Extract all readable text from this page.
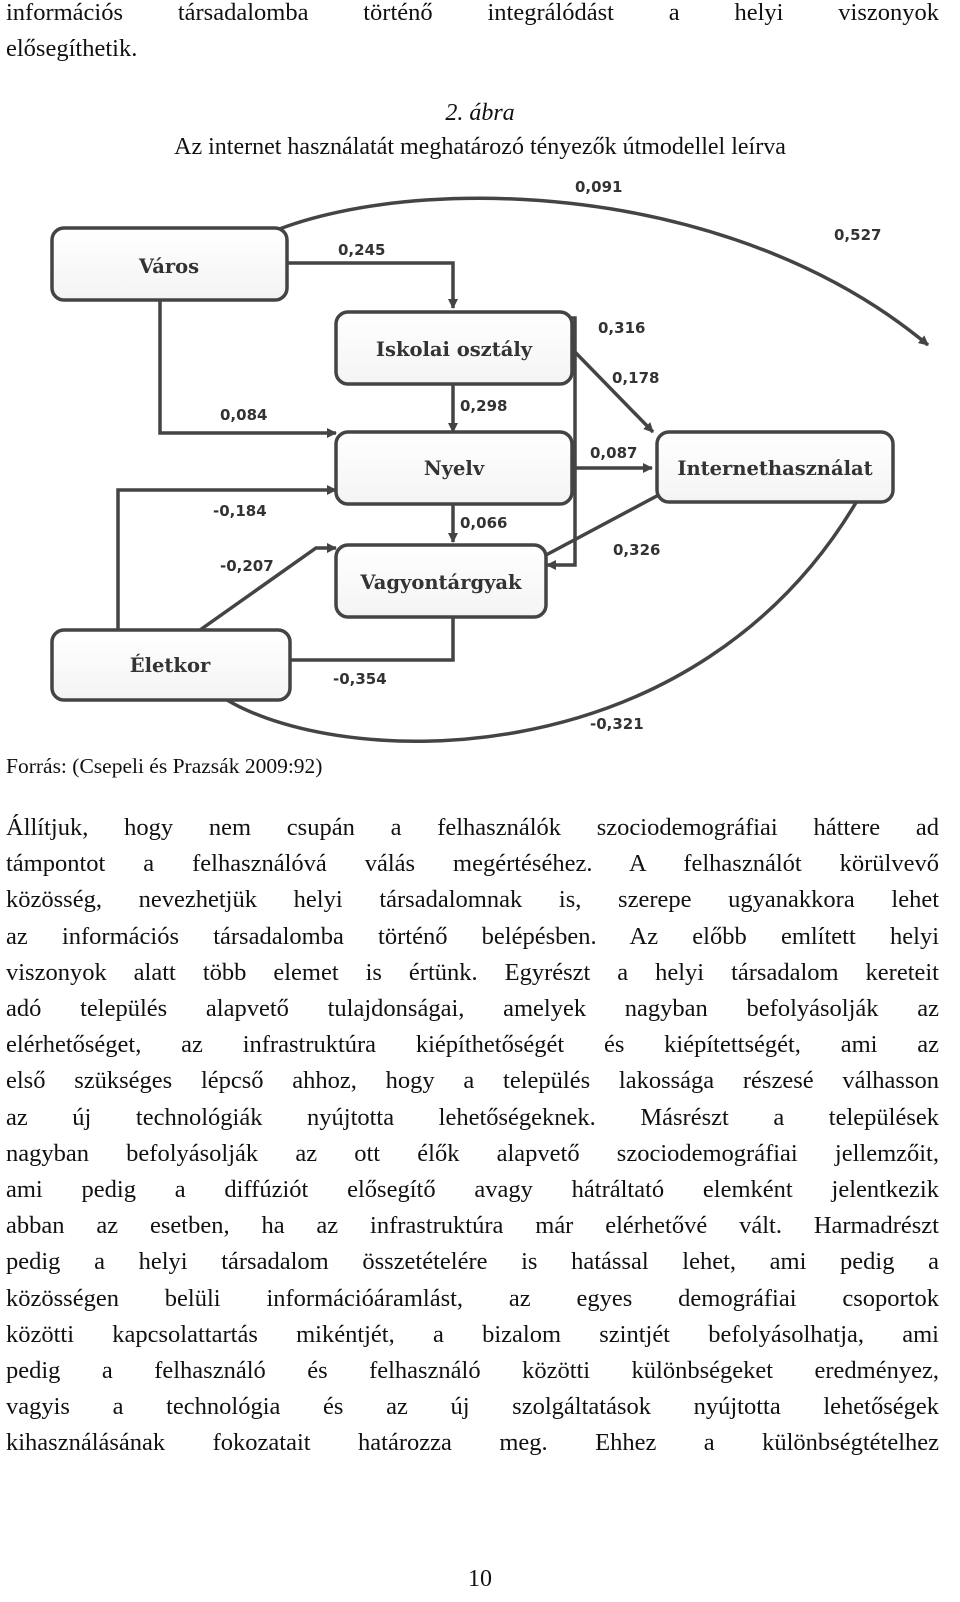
információs társadalomba történő integrálódást a helyi viszonyok
elősegíthetik.
2. ábra
Az internet használatát meghatározó tényezők útmodellel leírva
Város
Iskolai osztály
Nyelv
Vagyontárgyak
Életkor
Internethasználat
0,091
0,527
0,245
0,316
0,178
0,298
0,084
0,087
-0,184
0,066
0,326
-0,207
-0,354
-0,321
Forrás: (Csepeli és Prazsák 2009:92)
Állítjuk, hogy nem csupán a felhasználók szociodemográfiai háttere ad
támpontot a felhasználóvá válás megértéséhez. A felhasználót körülvevő
közösség, nevezhetjük helyi társadalomnak is, szerepe ugyanakkora lehet
az információs társadalomba történő belépésben. Az előbb említett helyi
viszonyok alatt több elemet is értünk. Egyrészt a helyi társadalom kereteit
adó település alapvető tulajdonságai, amelyek nagyban befolyásolják az
elérhetőséget, az infrastruktúra kiépíthetőségét és kiépítettségét, ami az
első szükséges lépcső ahhoz, hogy a település lakossága részesé válhasson
az új technológiák nyújtotta lehetőségeknek. Másrészt a települések
nagyban befolyásolják az ott élők alapvető szociodemográfiai jellemzőit,
ami pedig a diffúziót elősegítő avagy hátráltató elemként jelentkezik
abban az esetben, ha az infrastruktúra már elérhetővé vált. Harmadrészt
pedig a helyi társadalom összetételére is hatással lehet, ami pedig a
közösségen belüli információáramlást, az egyes demográfiai csoportok
közötti kapcsolattartás mikéntjét, a bizalom szintjét befolyásolhatja, ami
pedig a felhasználó és felhasználó közötti különbségeket eredményez,
vagyis a technológia és az új szolgáltatások nyújtotta lehetőségek
kihasználásának fokozatait határozza meg. Ehhez a különbségtételhez
10
